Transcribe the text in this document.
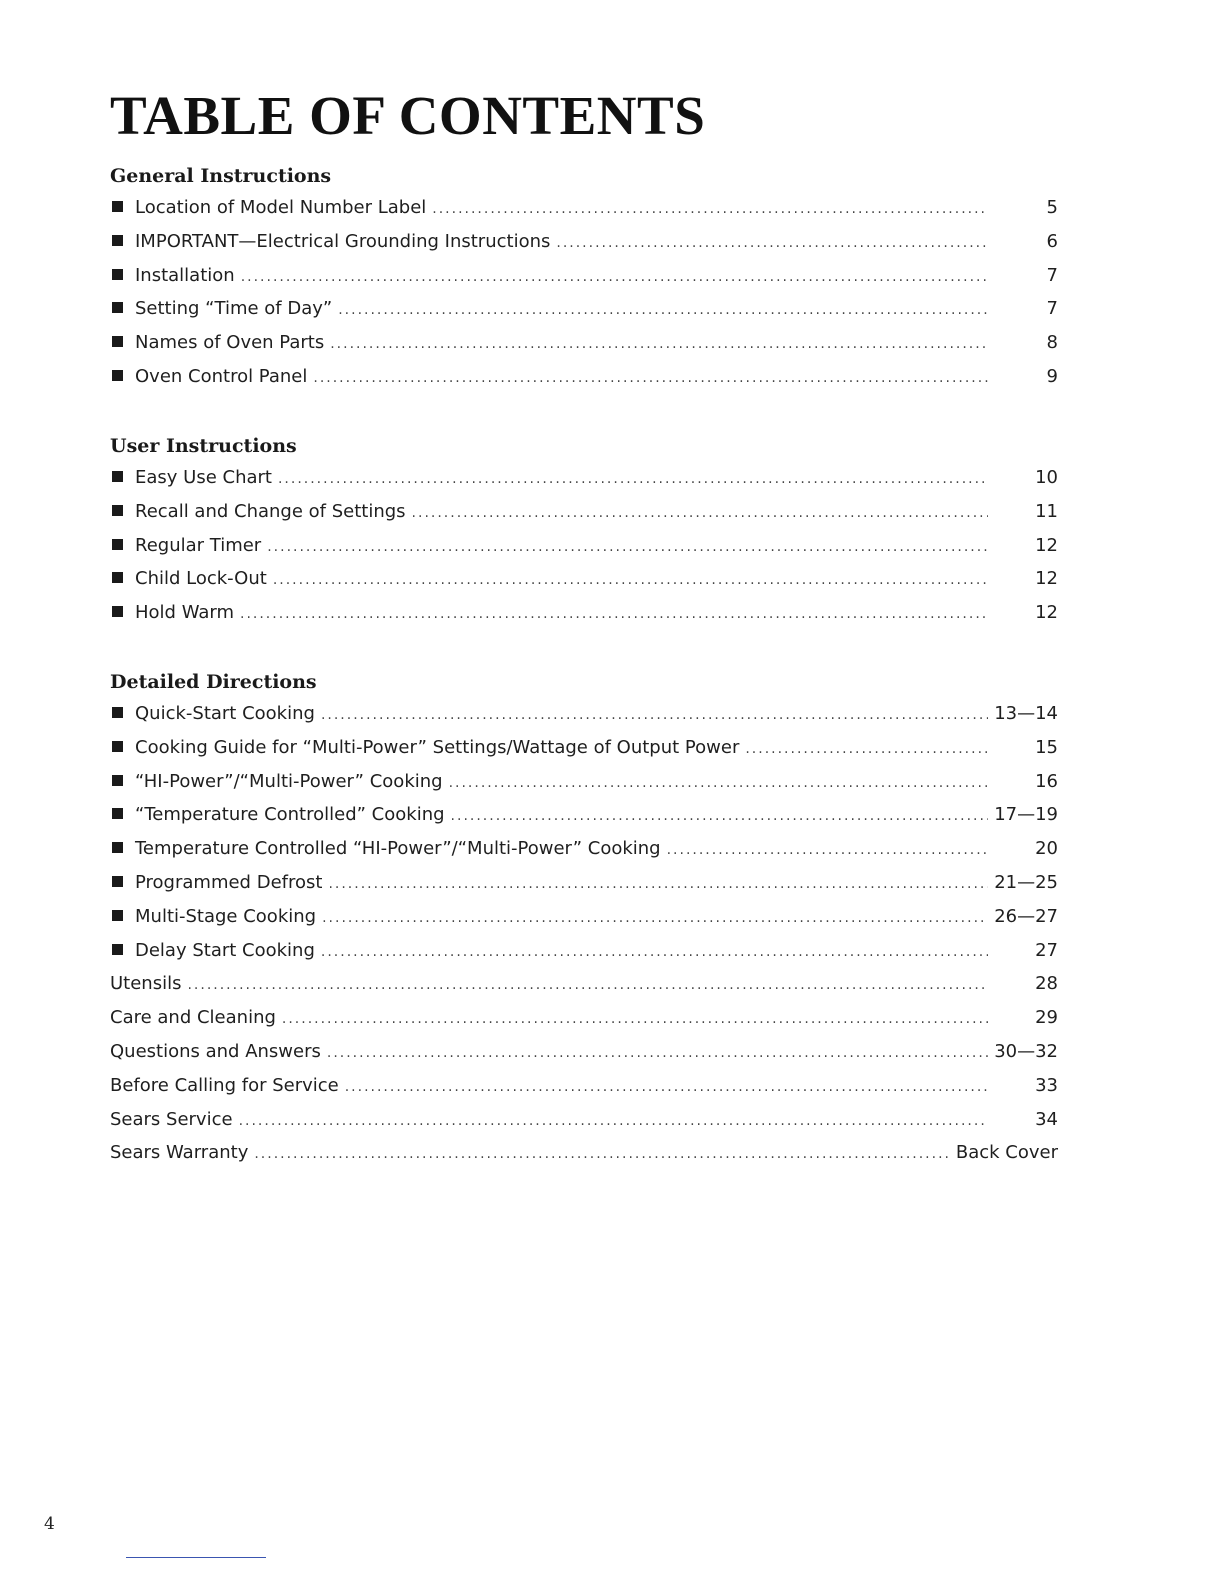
TABLE OF CONTENTS
General Instructions
Location of Model Number Label .....	5
IMPORTANT—Electrical Grounding Instructions .....	6
Installation .....	7
Setting “Time of Day” .....	7
Names of Oven Parts .....	8
Oven Control Panel .....	9
User Instructions
Easy Use Chart .....	10
Recall and Change of Settings .....	11
Regular Timer .....	12
Child Lock-Out .....	12
Hold Warm .....	12
Detailed Directions
Quick-Start Cooking .....	13—14
Cooking Guide for “Multi-Power” Settings/Wattage of Output Power .....	15
“HI-Power”/“Multi-Power” Cooking .....	16
“Temperature Controlled” Cooking .....	17—19
Temperature Controlled “HI-Power”/“Multi-Power” Cooking .....	20
Programmed Defrost .....	21—25
Multi-Stage Cooking .....	26—27
Delay Start Cooking .....	27
Utensils .....	28
Care and Cleaning .....	29
Questions and Answers .....	30—32
Before Calling for Service .....	33
Sears Service .....	34
Sears Warranty .....	Back Cover
4
